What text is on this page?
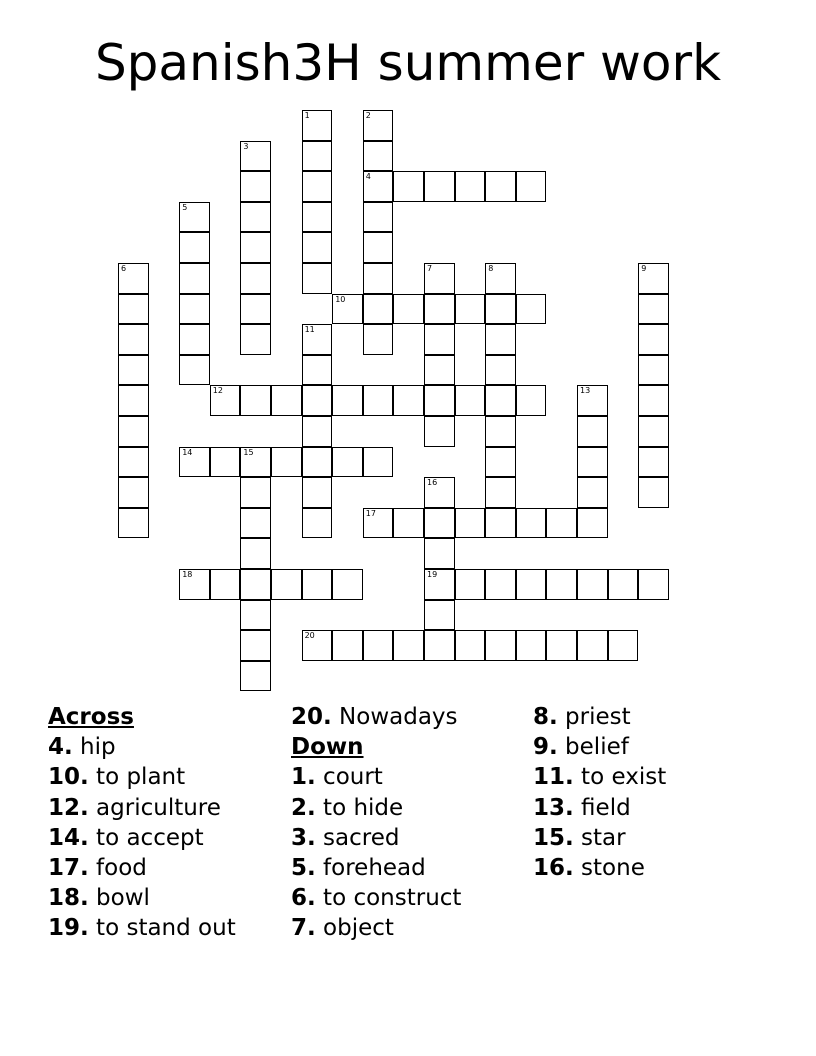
Spanish3H summer work
1	2
4
3
5
6	7	8	9
10
11
12	13
14	15
16
19
17
18
20
Across
4. hip
10. to plant
12. agriculture
14. to accept
17. food
18. bowl
19. to stand out
20. Nowadays
Down
1. court
2. to hide
3. sacred
5. forehead
6. to construct
7. object
8. priest
9. belief
11. to exist
13. field
15. star
16. stone
